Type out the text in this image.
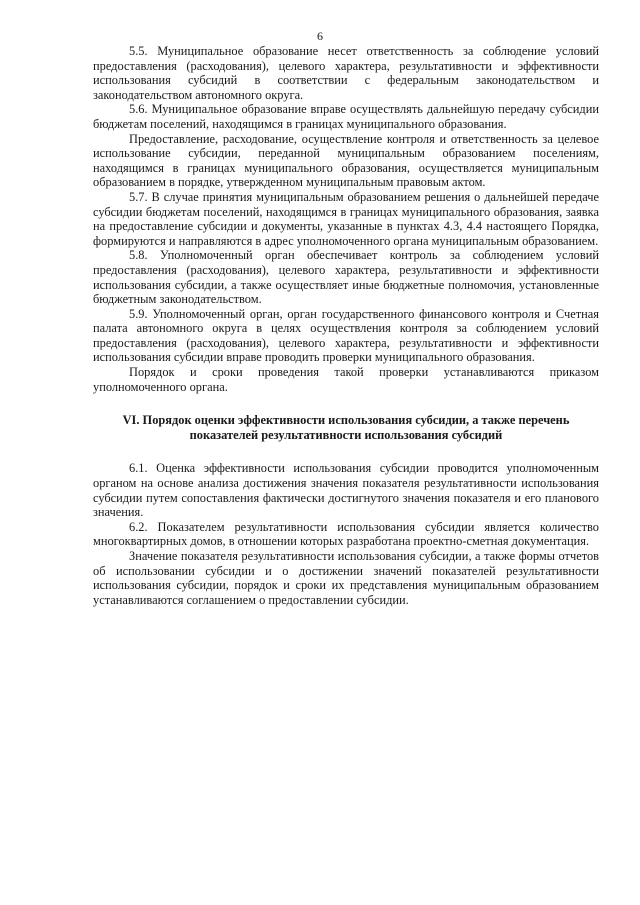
6

5.5. Муниципальное образование несет ответственность за соблюдение условий предоставления (расходования), целевого характера, результативности и эффективности использования субсидий в соответствии с федеральным законодательством и законодательством автономного округа.

5.6. Муниципальное образование вправе осуществлять дальнейшую передачу субсидии бюджетам поселений, находящимся в границах муниципального образования.

Предоставление, расходование, осуществление контроля и ответственность за целевое использование субсидии, переданной муниципальным образованием поселениям, находящимся в границах муниципального образования, осуществляется муниципальным образованием в порядке, утвержденном муниципальным правовым актом.

5.7. В случае принятия муниципальным образованием решения о дальнейшей передаче субсидии бюджетам поселений, находящимся в границах муниципального образования, заявка на предоставление субсидии и документы, указанные в пунктах 4.3, 4.4 настоящего Порядка, формируются и направляются в адрес уполномоченного органа муниципальным образованием.

5.8. Уполномоченный орган обеспечивает контроль за соблюдением условий предоставления (расходования), целевого характера, результативности и эффективности использования субсидии, а также осуществляет иные бюджетные полномочия, установленные бюджетным законодательством.

5.9. Уполномоченный орган, орган государственного финансового контроля и Счетная палата автономного округа в целях осуществления контроля за соблюдением условий предоставления (расходования), целевого характера, результативности и эффективности использования субсидии вправе проводить проверки муниципального образования.

Порядок и сроки проведения такой проверки устанавливаются приказом уполномоченного органа.

VI. Порядок оценки эффективности использования субсидии, а также перечень показателей результативности использования субсидий

6.1. Оценка эффективности использования субсидии проводится уполномоченным органом на основе анализа достижения значения показателя результативности использования субсидии путем сопоставления фактически достигнутого значения показателя и его планового значения.

6.2. Показателем результативности использования субсидии является количество многоквартирных домов, в отношении которых разработана проектно-сметная документация.

Значение показателя результативности использования субсидии, а также формы отчетов об использовании субсидии и о достижении значений показателей результативности использования субсидии, порядок и сроки их представления муниципальным образованием устанавливаются соглашением о предоставлении субсидии.
